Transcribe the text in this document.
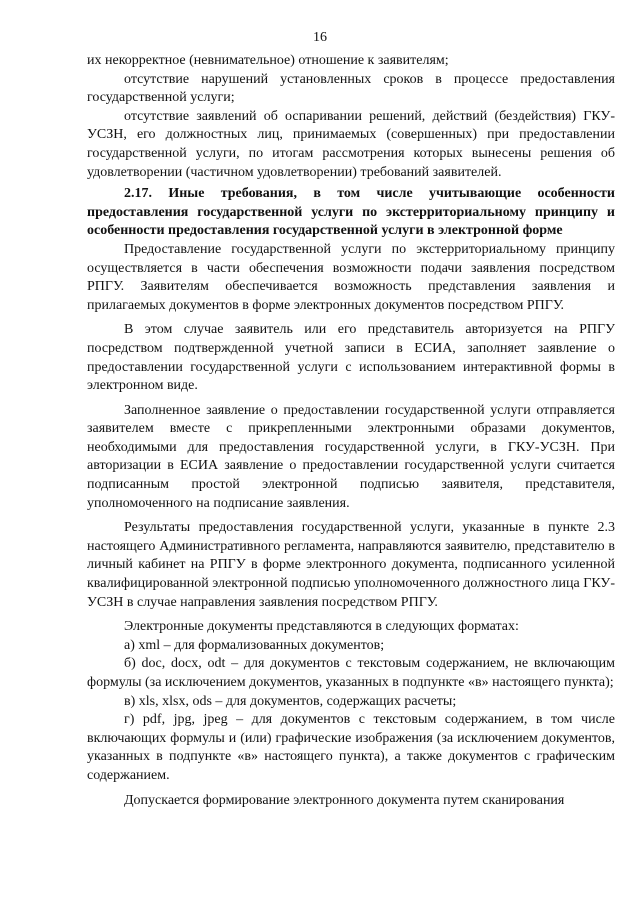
16

их некорректное (невнимательное) отношение к заявителям;

отсутствие нарушений установленных сроков в процессе предоставления государственной услуги;

отсутствие заявлений об оспаривании решений, действий (бездействия) ГКУ-УСЗН, его должностных лиц, принимаемых (совершенных) при предоставлении государственной услуги, по итогам рассмотрения которых вынесены решения об удовлетворении (частичном удовлетворении) требований заявителей.

2.17. Иные требования, в том числе учитывающие особенности предоставления государственной услуги по экстерриториальному принципу и особенности предоставления государственной услуги в электронной форме

Предоставление государственной услуги по экстерриториальному принципу осуществляется в части обеспечения возможности подачи заявления посредством РПГУ. Заявителям обеспечивается возможность представления заявления и прилагаемых документов в форме электронных документов посредством РПГУ.

В этом случае заявитель или его представитель авторизуется на РПГУ посредством подтвержденной учетной записи в ЕСИА, заполняет заявление о предоставлении государственной услуги с использованием интерактивной формы в электронном виде.

Заполненное заявление о предоставлении государственной услуги отправляется заявителем вместе с прикрепленными электронными образами документов, необходимыми для предоставления государственной услуги, в ГКУ-УСЗН. При авторизации в ЕСИА заявление о предоставлении государственной услуги считается подписанным простой электронной подписью заявителя, представителя, уполномоченного на подписание заявления.

Результаты предоставления государственной услуги, указанные в пункте 2.3 настоящего Административного регламента, направляются заявителю, представителю в личный кабинет на РПГУ в форме электронного документа, подписанного усиленной квалифицированной электронной подписью уполномоченного должностного лица ГКУ-УСЗН в случае направления заявления посредством РПГУ.

Электронные документы представляются в следующих форматах:

а) xml – для формализованных документов;

б) doc, docx, odt – для документов с текстовым содержанием, не включающим формулы (за исключением документов, указанных в подпункте «в» настоящего пункта);

в) xls, xlsx, ods – для документов, содержащих расчеты;

г) pdf, jpg, jpeg – для документов с текстовым содержанием, в том числе включающих формулы и (или) графические изображения (за исключением документов, указанных в подпункте «в» настоящего пункта), а также документов с графическим содержанием.

Допускается формирование электронного документа путем сканирования
